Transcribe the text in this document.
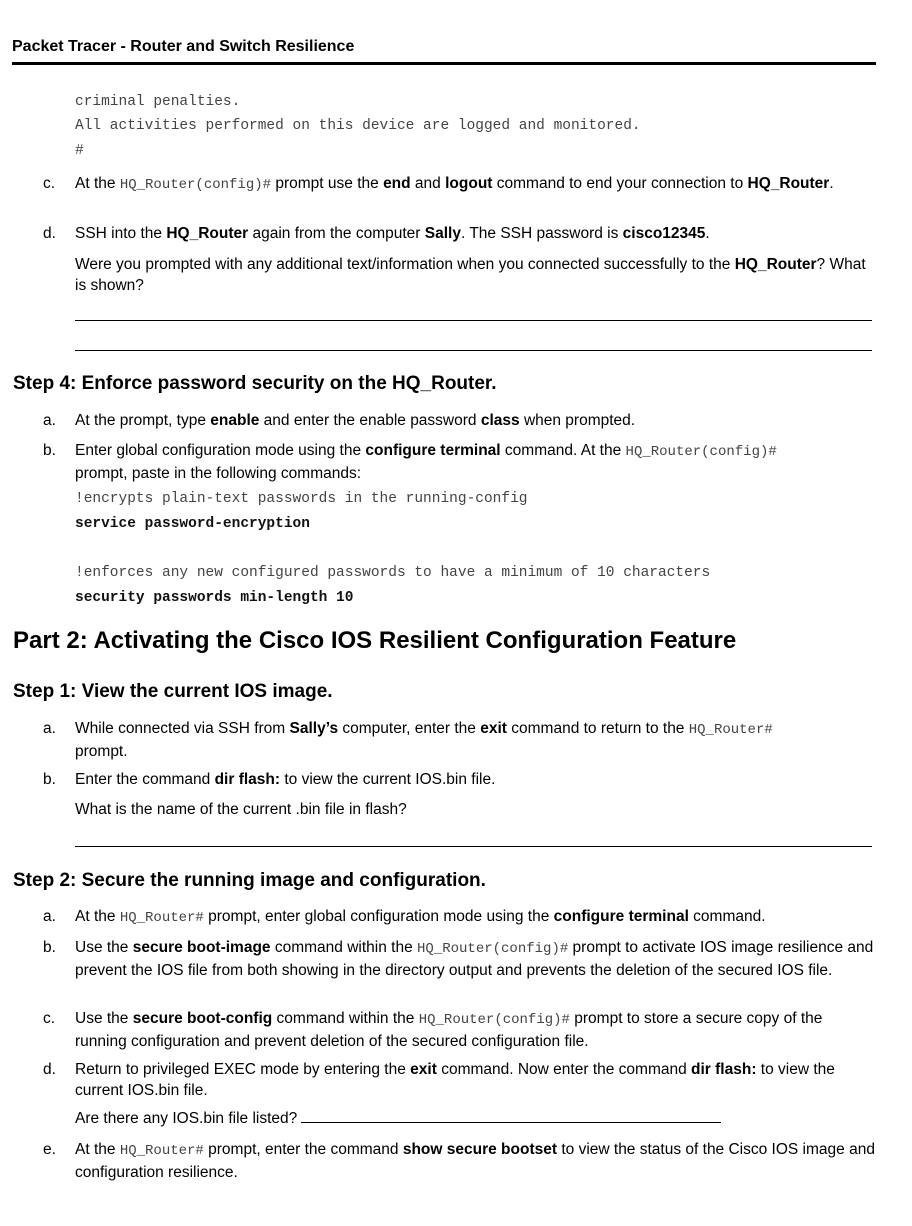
Packet Tracer - Router and Switch Resilience
criminal penalties.
All activities performed on this device are logged and monitored.
#
c.	At the HQ_Router(config)# prompt use the end and logout command to end your connection to HQ_Router.
d.	SSH into the HQ_Router again from the computer Sally. The SSH password is cisco12345.
Were you prompted with any additional text/information when you connected successfully to the HQ_Router? What is shown?
Step 4: Enforce password security on the HQ_Router.
a.	At the prompt, type enable and enter the enable password class when prompted.
b.	Enter global configuration mode using the configure terminal command. At the HQ_Router(config)#
prompt, paste in the following commands:
!encrypts plain-text passwords in the running-config
service password-encryption
!enforces any new configured passwords to have a minimum of 10 characters
security passwords min-length 10
Part 2: Activating the Cisco IOS Resilient Configuration Feature
Step 1: View the current IOS image.
a.	While connected via SSH from Sally’s computer, enter the exit command to return to the HQ_Router#
prompt.
b.	Enter the command dir flash: to view the current IOS.bin file.
What is the name of the current .bin file in flash?
Step 2: Secure the running image and configuration.
a.	At the HQ_Router# prompt, enter global configuration mode using the configure terminal command.
b.	Use the secure boot-image command within the HQ_Router(config)# prompt to activate IOS image resilience and prevent the IOS file from both showing in the directory output and prevents the deletion of the secured IOS file.
c.	Use the secure boot-config command within the HQ_Router(config)# prompt to store a secure copy of the running configuration and prevent deletion of the secured configuration file.
d.	Return to privileged EXEC mode by entering the exit command. Now enter the command dir flash: to view the current IOS.bin file.
Are there any IOS.bin file listed?
e.	At the HQ_Router# prompt, enter the command show secure bootset to view the status of the Cisco IOS image and configuration resilience.
